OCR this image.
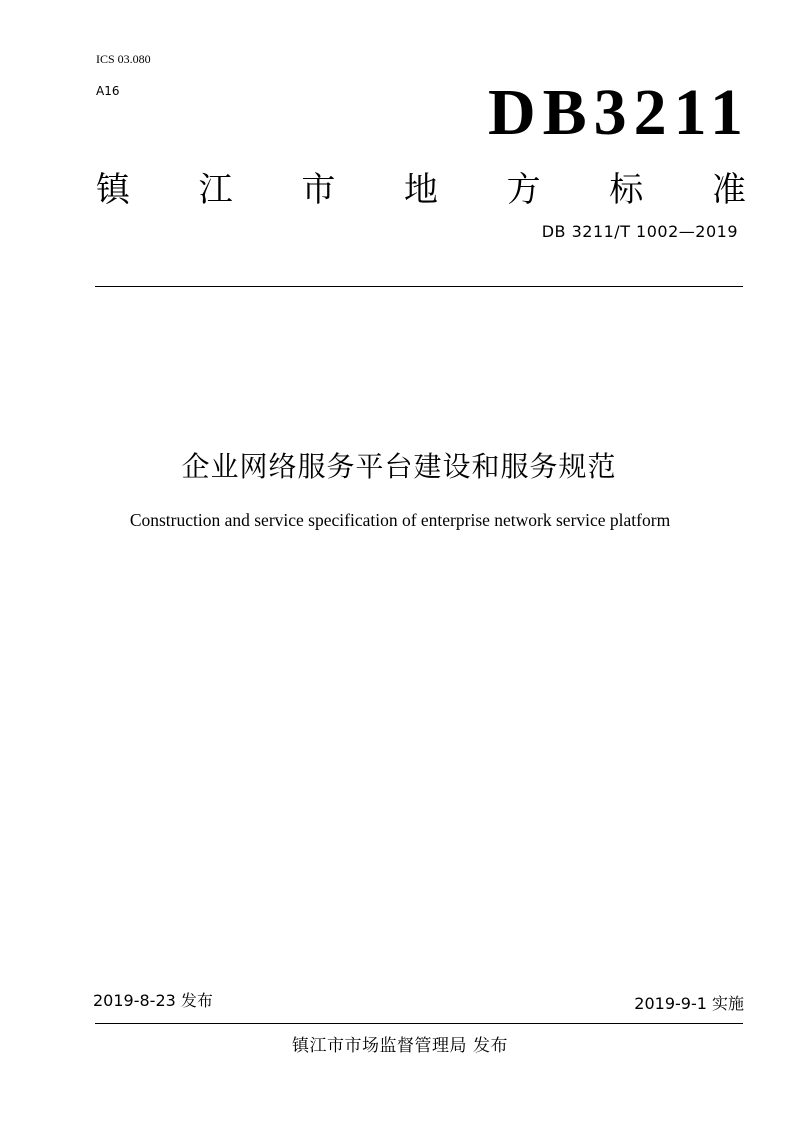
ICS 03.080
A16	DB3211
镇 江 市 地 方 标 准
DB 3211/T 1002—2019
企业网络服务平台建设和服务规范
Construction and service specification of enterprise network service platform
2019-8-23 发布	2019-9-1 实施
镇江市市场监督管理局 发布
